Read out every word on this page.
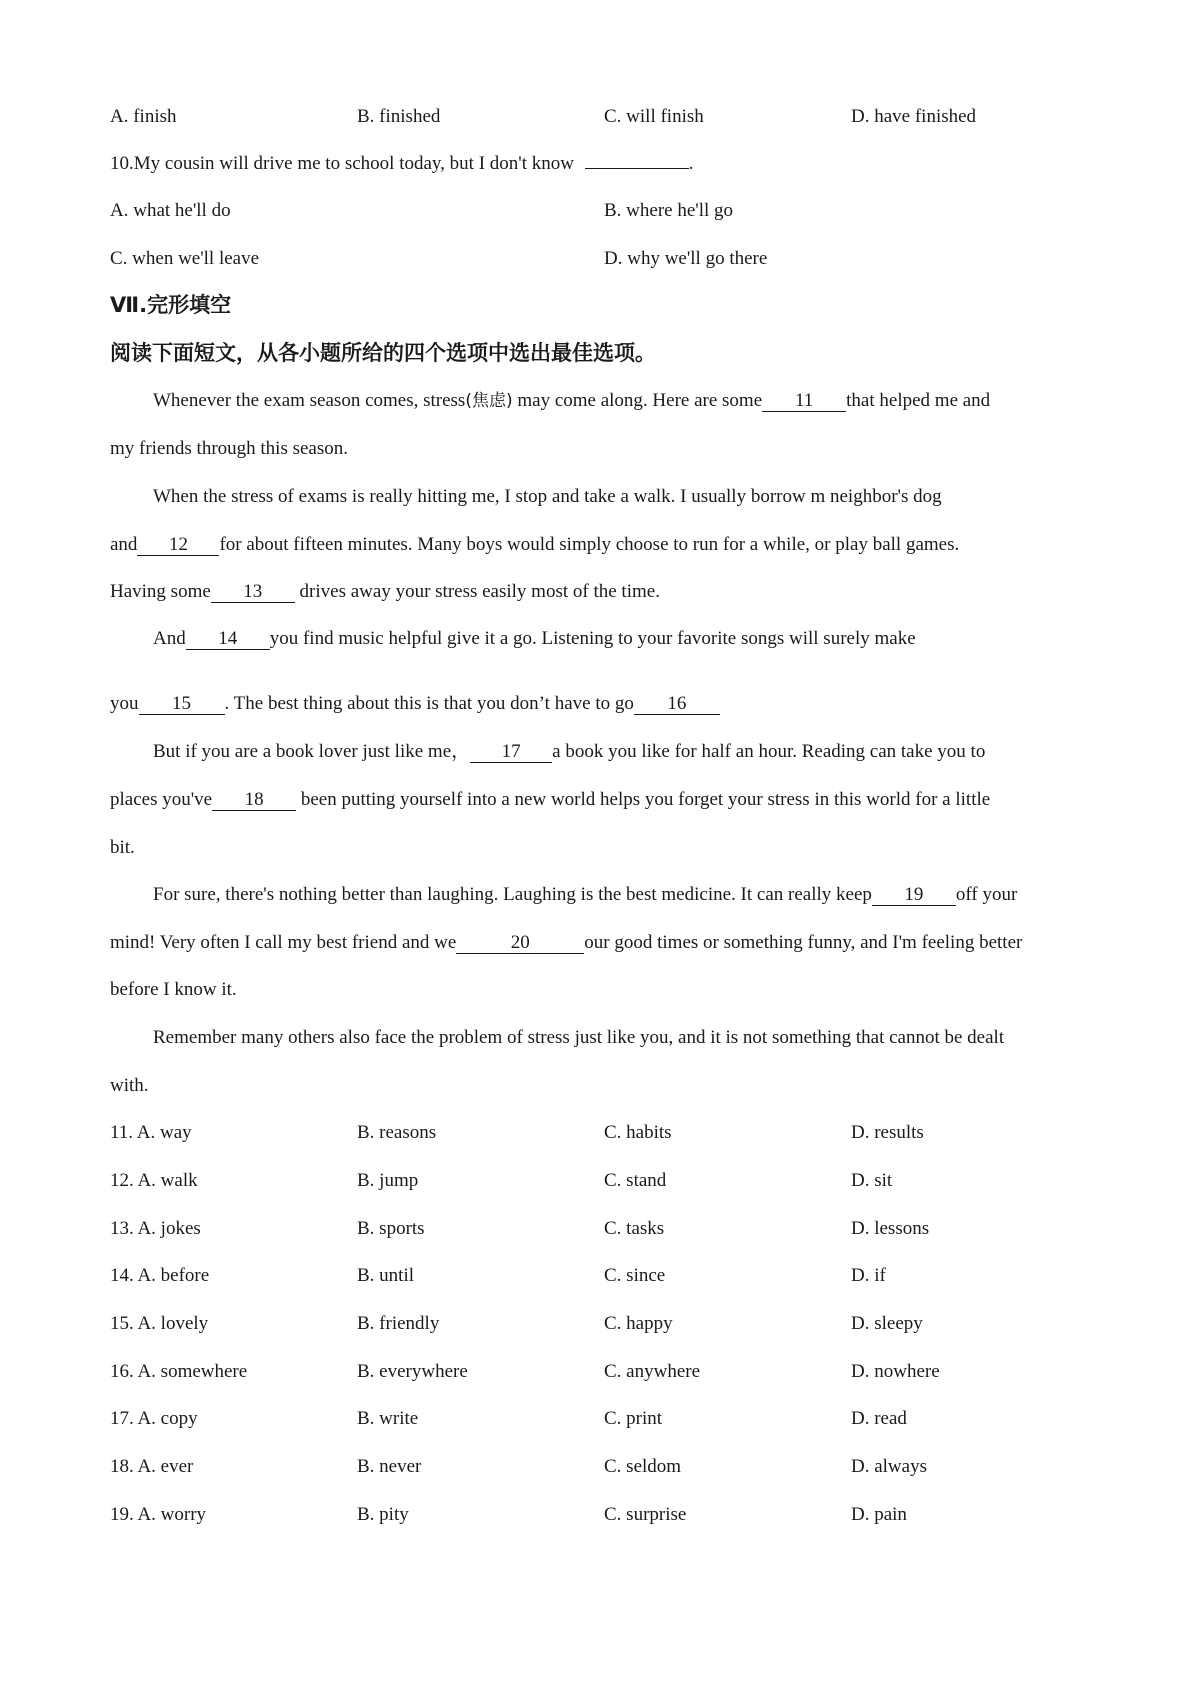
A. finish	B. finished	C. will finish	D. have finished
10.My cousin will drive me to school today, but I don't know	.
A. what he'll do	B. where he'll go
C. when we'll leave	D. why we'll go there
Ⅶ.完形填空
阅读下面短文，从各小题所给的四个选项中选出最佳选项。
Whenever the exam season comes, stress(焦虑) may come along. Here are some 11 that helped me and
my friends through this season.
When the stress of exams is really hitting me, I stop and take a walk. I usually borrow m neighbor's dog
and 12 for about fifteen minutes. Many boys would simply choose to run for a while, or play ball games.
Having some 13 drives away your stress easily most of the time.
And 14 you find music helpful give it a go. Listening to your favorite songs will surely make
you 15 . The best thing about this is that you don’t have to go 16
But if you are a book lover just like me， 17 a book you like for half an hour. Reading can take you to
places you've 18 been putting yourself into a new world helps you forget your stress in this world for a little
bit.
For sure, there's nothing better than laughing. Laughing is the best medicine. It can really keep 19 off your
mind! Very often I call my best friend and we	20	our good times or something funny, and I'm feeling better
before I know it.
Remember many others also face the problem of stress just like you, and it is not something that cannot be dealt
with.
11. A. way	B. reasons	C. habits	D. results
12. A. walk	B. jump	C. stand	D. sit
13. A. jokes	B. sports	C. tasks	D. lessons
14. A. before	B. until	C. since	D. if
15. A. lovely	B. friendly	C. happy	D. sleepy
16. A. somewhere	B. everywhere	C. anywhere	D. nowhere
17. A. copy	B. write	C. print	D. read
18. A. ever	B. never	C. seldom	D. always
19. A. worry	B. pity	C. surprise	D. pain
